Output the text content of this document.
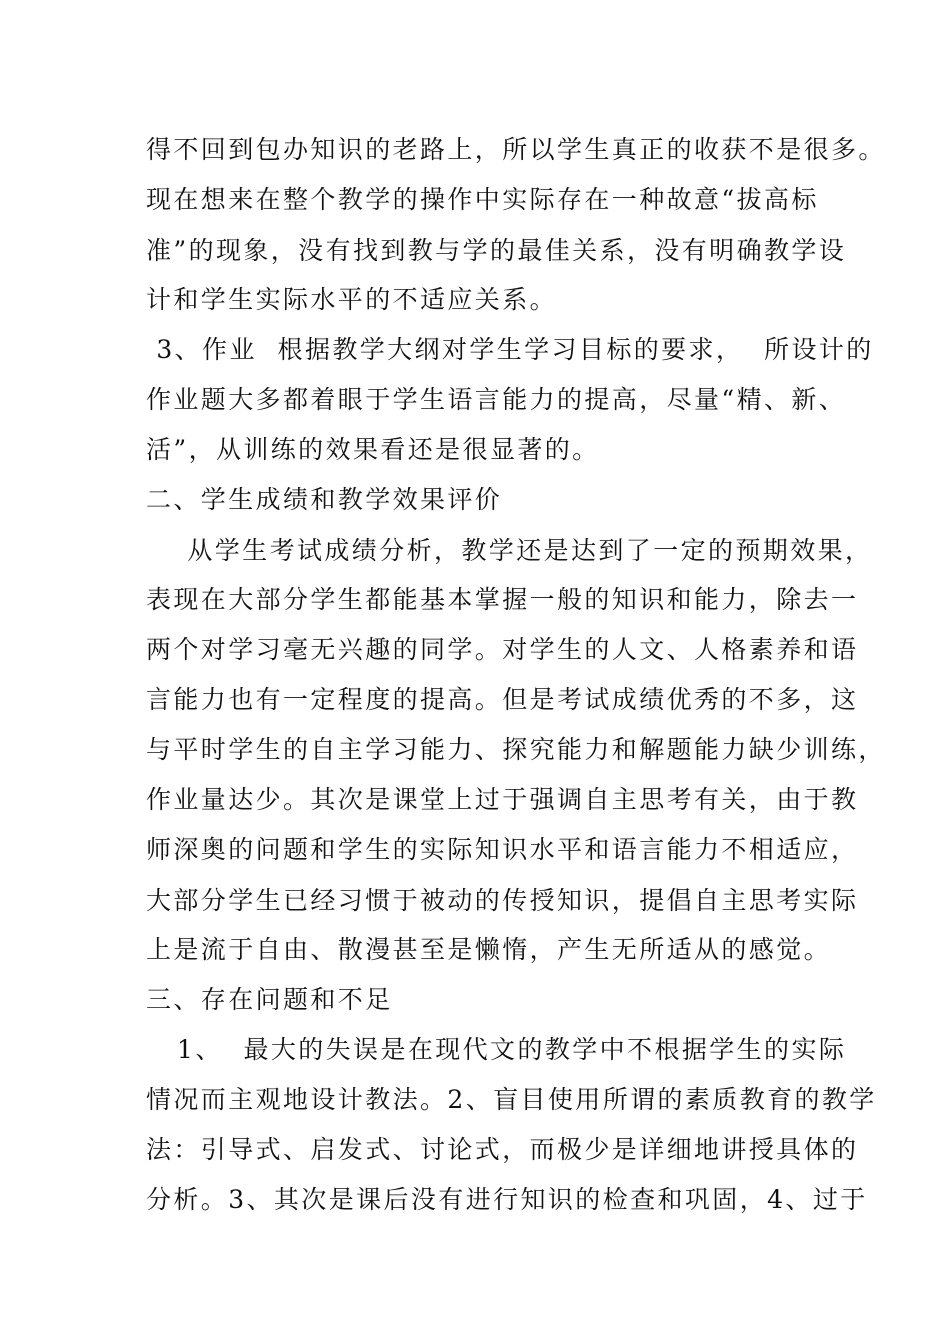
得不回到包办知识的老路上，所以学生真正的收获不是很多。
现在想来在整个教学的操作中实际存在一种故意“拔高标
准”的现象，没有找到教与学的最佳关系，没有明确教学设
计和学生实际水平的不适应关系。
3、作业  根据教学大纲对学生学习目标的要求，  所设计的
作业题大多都着眼于学生语言能力的提高，尽量“精、新、
活”，从训练的效果看还是很显著的。
二、学生成绩和教学效果评价
从学生考试成绩分析，教学还是达到了一定的预期效果，
表现在大部分学生都能基本掌握一般的知识和能力，除去一
两个对学习毫无兴趣的同学。对学生的人文、人格素养和语
言能力也有一定程度的提高。但是考试成绩优秀的不多，这
与平时学生的自主学习能力、探究能力和解题能力缺少训练，
作业量达少。其次是课堂上过于强调自主思考有关，由于教
师深奥的问题和学生的实际知识水平和语言能力不相适应，
大部分学生已经习惯于被动的传授知识，提倡自主思考实际
上是流于自由、散漫甚至是懒惰，产生无所适从的感觉。
三、存在问题和不足
1、  最大的失误是在现代文的教学中不根据学生的实际
情况而主观地设计教法。2、盲目使用所谓的素质教育的教学
法：引导式、启发式、讨论式，而极少是详细地讲授具体的
分析。3、其次是课后没有进行知识的检查和巩固，4、过于
